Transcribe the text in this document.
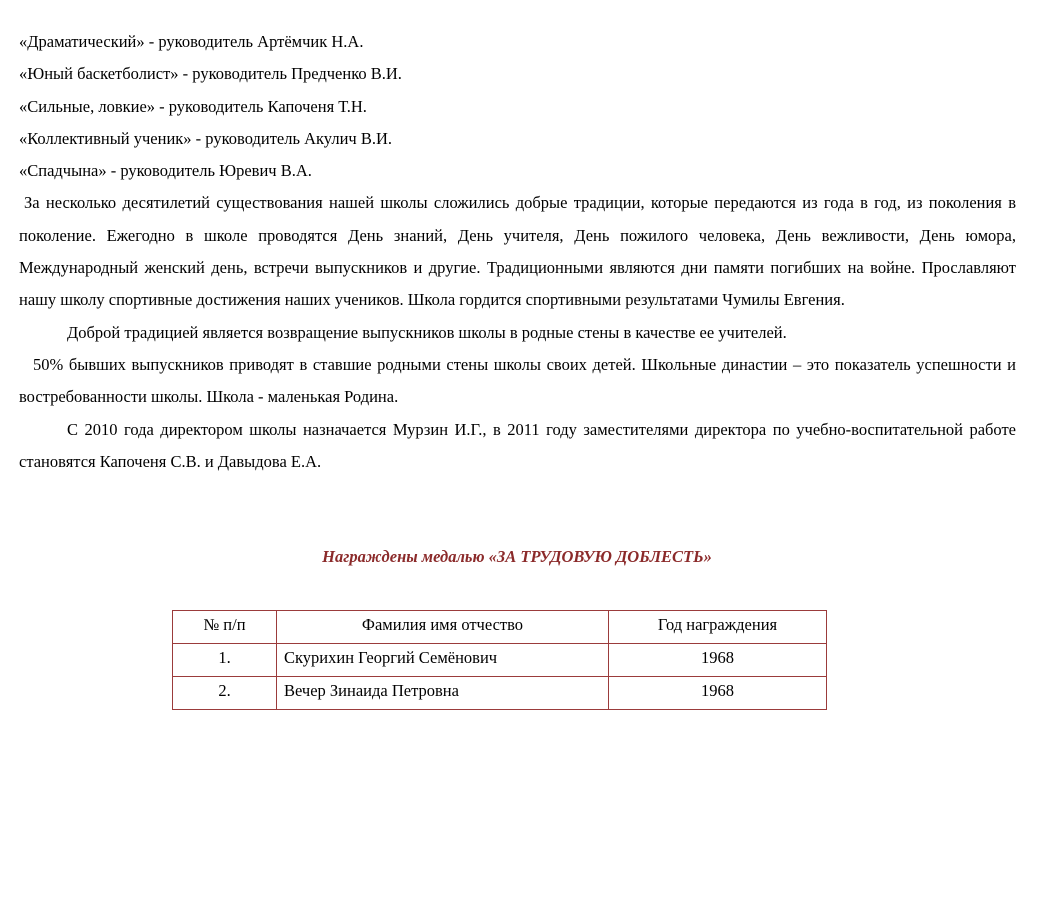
«Драматический» - руководитель Артёмчик Н.А.
«Юный баскетболист» - руководитель Предченко В.И.
«Сильные, ловкие» - руководитель Капоченя Т.Н.
«Коллективный ученик» - руководитель Акулич В.И.
«Спадчына» - руководитель Юревич В.А.
За несколько десятилетий существования нашей школы сложились добрые традиции, которые передаются из года в год, из поколения в поколение. Ежегодно в школе проводятся День знаний, День учителя, День пожилого человека, День вежливости, День юмора, Международный женский день, встречи выпускников и другие. Традиционными являются дни памяти погибших на войне. Прославляют нашу школу спортивные достижения наших учеников. Школа гордится спортивными результатами Чумилы Евгения.
Доброй традицией является возвращение выпускников школы в родные стены в качестве ее учителей.
50% бывших выпускников приводят в ставшие родными стены школы своих детей. Школьные династии – это показатель успешности и востребованности школы. Школа - маленькая Родина.
С 2010 года директором школы назначается Мурзин И.Г., в 2011 году заместителями директора по учебно-воспитательной работе становятся Капоченя С.В. и Давыдова Е.А.
Награждены медалью «ЗА ТРУДОВУЮ ДОБЛЕСТЬ»
№ п/п	Фамилия имя отчество	Год награждения
1.	Скурихин Георгий Семёнович	1968
2.	Вечер Зинаида Петровна	1968
